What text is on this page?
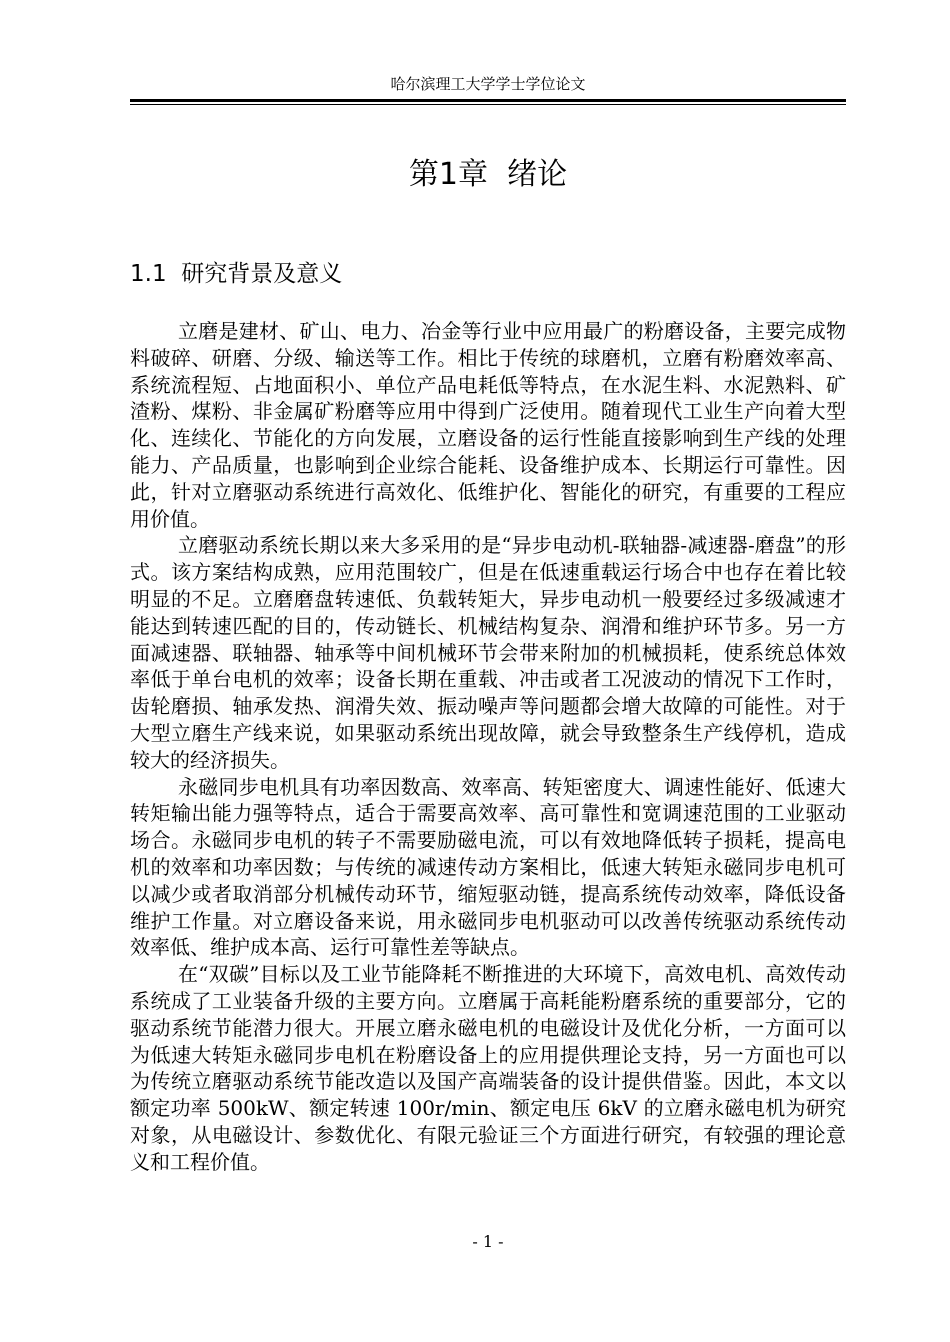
哈尔滨理工大学学士学位论文
第1章  绪论
1.1  研究背景及意义

立磨是建材、矿山、电力、冶金等行业中应用最广的粉磨设备，主要完成物料破碎、研磨、分级、输送等工作。相比于传统的球磨机，立磨有粉磨效率高、系统流程短、占地面积小、单位产品电耗低等特点，在水泥生料、水泥熟料、矿渣粉、煤粉、非金属矿粉磨等应用中得到广泛使用。随着现代工业生产向着大型化、连续化、节能化的方向发展，立磨设备的运行性能直接影响到生产线的处理能力、产品质量，也影响到企业综合能耗、设备维护成本、长期运行可靠性。因此，针对立磨驱动系统进行高效化、低维护化、智能化的研究，有重要的工程应用价值。

立磨驱动系统长期以来大多采用的是“异步电动机-联轴器-减速器-磨盘”的形式。该方案结构成熟，应用范围较广，但是在低速重载运行场合中也存在着比较明显的不足。立磨磨盘转速低、负载转矩大，异步电动机一般要经过多级减速才能达到转速匹配的目的，传动链长、机械结构复杂、润滑和维护环节多。另一方面减速器、联轴器、轴承等中间机械环节会带来附加的机械损耗，使系统总体效率低于单台电机的效率；设备长期在重载、冲击或者工况波动的情况下工作时，齿轮磨损、轴承发热、润滑失效、振动噪声等问题都会增大故障的可能性。对于大型立磨生产线来说，如果驱动系统出现故障，就会导致整条生产线停机，造成较大的经济损失。

永磁同步电机具有功率因数高、效率高、转矩密度大、调速性能好、低速大转矩输出能力强等特点，适合于需要高效率、高可靠性和宽调速范围的工业驱动场合。永磁同步电机的转子不需要励磁电流，可以有效地降低转子损耗，提高电机的效率和功率因数；与传统的减速传动方案相比，低速大转矩永磁同步电机可以减少或者取消部分机械传动环节，缩短驱动链，提高系统传动效率，降低设备维护工作量。对立磨设备来说，用永磁同步电机驱动可以改善传统驱动系统传动效率低、维护成本高、运行可靠性差等缺点。

在“双碳”目标以及工业节能降耗不断推进的大环境下，高效电机、高效传动系统成了工业装备升级的主要方向。立磨属于高耗能粉磨系统的重要部分，它的驱动系统节能潜力很大。开展立磨永磁电机的电磁设计及优化分析，一方面可以为低速大转矩永磁同步电机在粉磨设备上的应用提供理论支持，另一方面也可以为传统立磨驱动系统节能改造以及国产高端装备的设计提供借鉴。因此，本文以额定功率 500kW、额定转速 100r/min、额定电压 6kV 的立磨永磁电机为研究对象，从电磁设计、参数优化、有限元验证三个方面进行研究，有较强的理论意义和工程价值。

- 1 -
